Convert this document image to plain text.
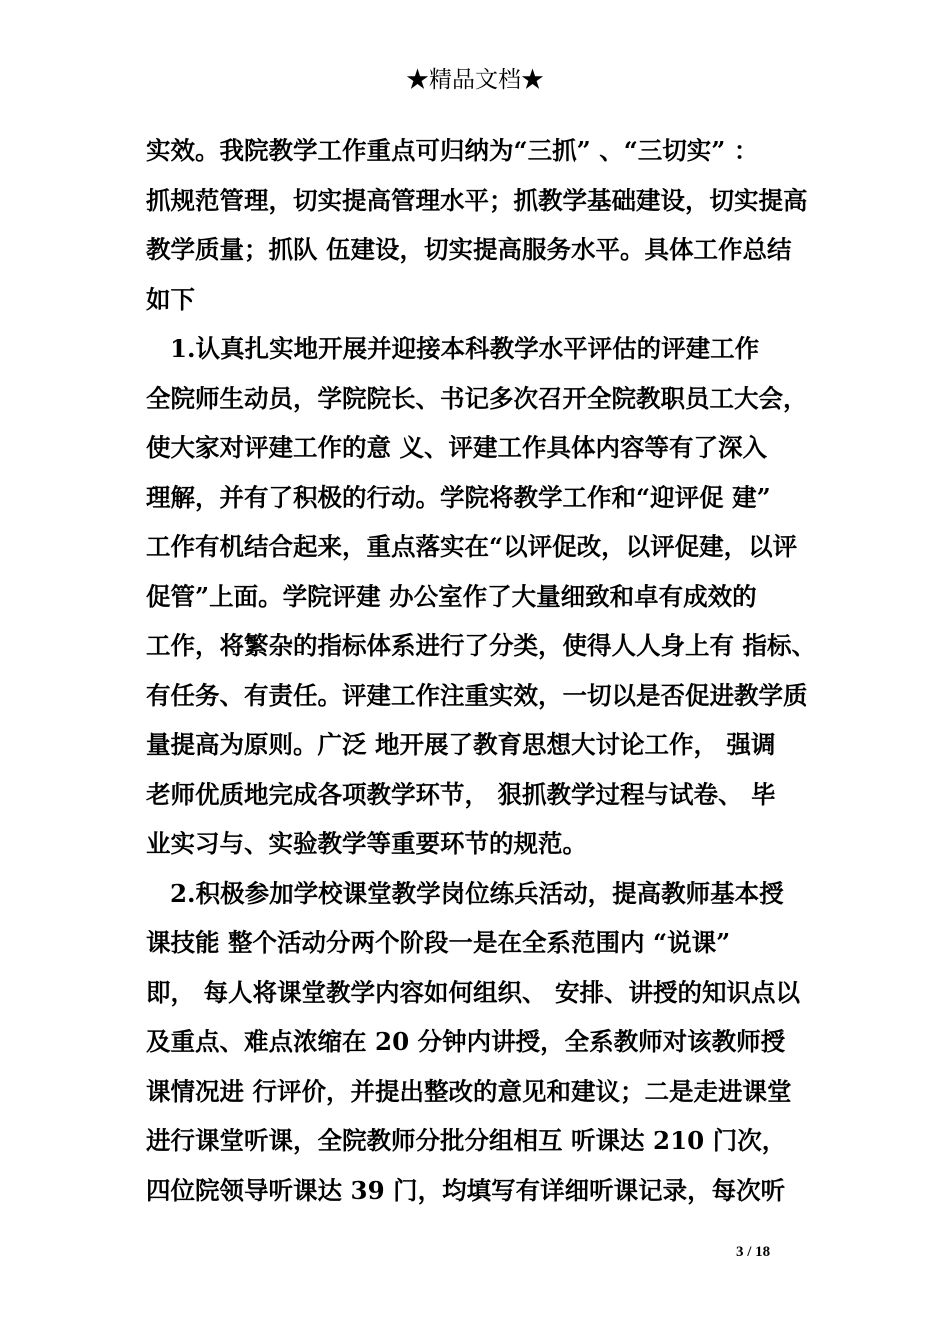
★精品文档★
实效。我院教学工作重点可归纳为“三抓” 、“三切实” ：
抓规范管理，切实提高管理水平；抓教学基础建设，切实提高
教学质量；抓队 伍建设，切实提高服务水平。具体工作总结
如下
1.认真扎实地开展并迎接本科教学水平评估的评建工作
全院师生动员，学院院长、书记多次召开全院教职员工大会，
使大家对评建工作的意 义、评建工作具体内容等有了深入
理解，并有了积极的行动。学院将教学工作和“迎评促 建”
工作有机结合起来，重点落实在“以评促改，以评促建，以评
促管”上面。学院评建 办公室作了大量细致和卓有成效的
工作，将繁杂的指标体系进行了分类，使得人人身上有 指标、
有任务、有责任。评建工作注重实效，一切以是否促进教学质
量提高为原则。广泛 地开展了教育思想大讨论工作， 强调
老师优质地完成各项教学环节， 狠抓教学过程与试卷、 毕
业实习与、实验教学等重要环节的规范。
2.积极参加学校课堂教学岗位练兵活动，提高教师基本授
课技能 整个活动分两个阶段一是在全系范围内 “说课”
即， 每人将课堂教学内容如何组织、 安排、讲授的知识点以
及重点、难点浓缩在 20 分钟内讲授，全系教师对该教师授
课情况进 行评价，并提出整改的意见和建议；二是走进课堂
进行课堂听课，全院教师分批分组相互 听课达 210 门次，
四位院领导听课达 39 门，均填写有详细听课记录，每次听
3 / 18
